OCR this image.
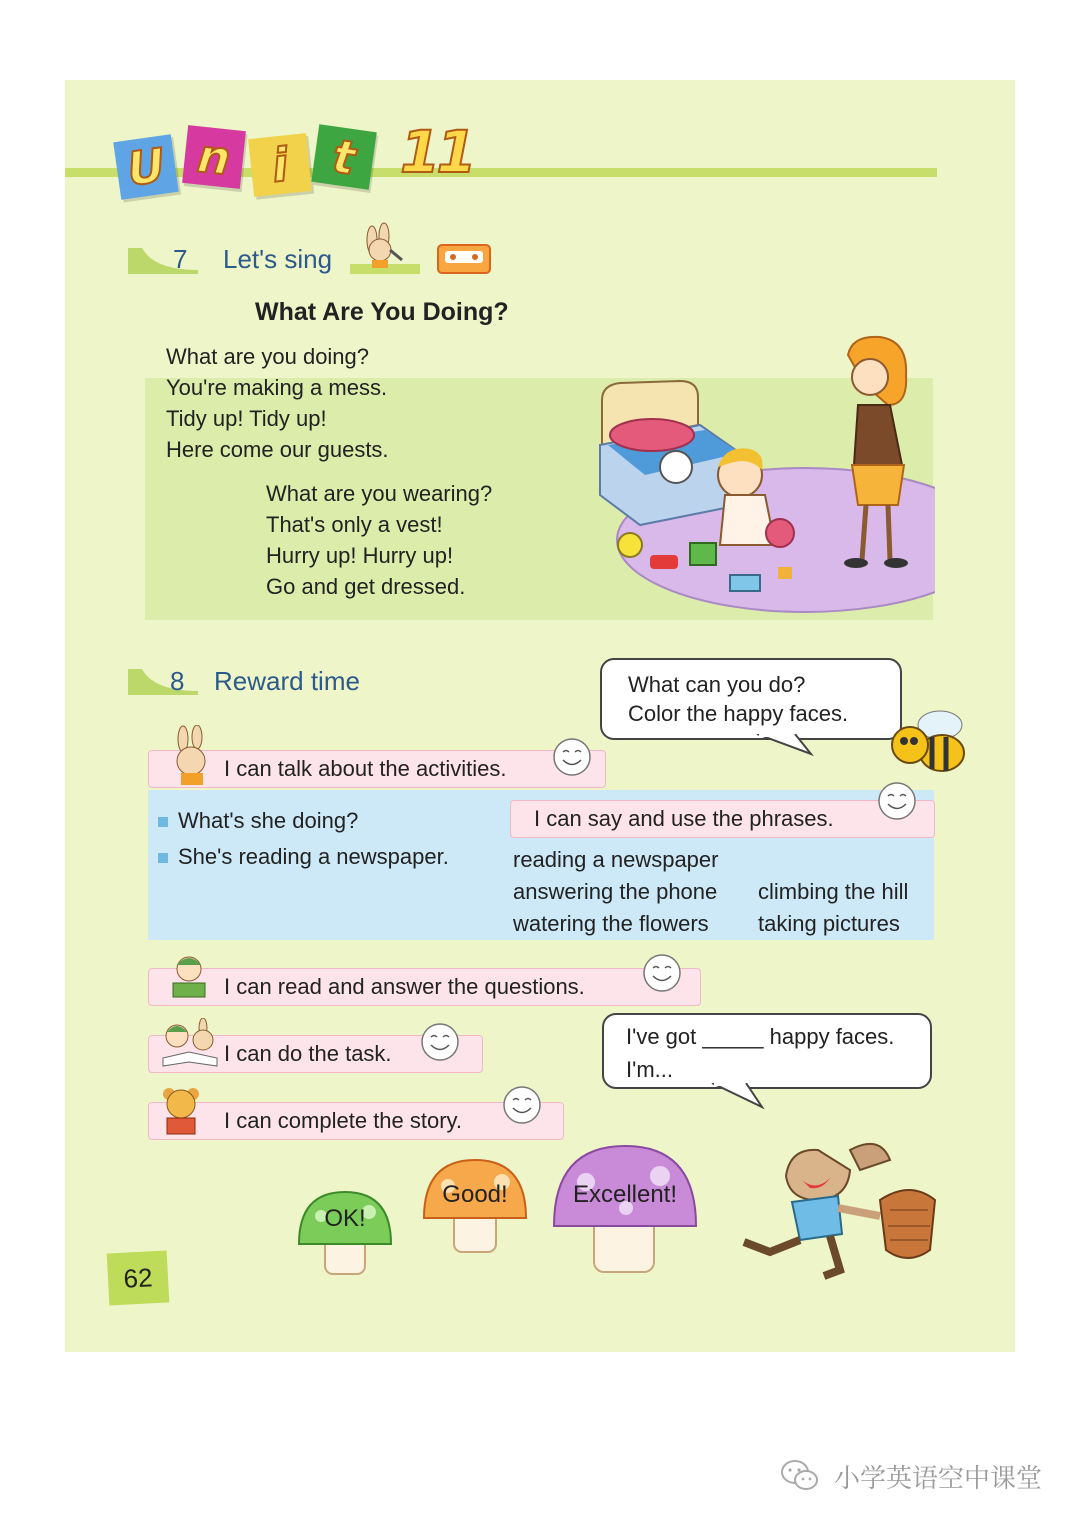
U n i t 11
7 Let's sing
What Are You Doing?
What are you doing?
You're making a mess.
Tidy up! Tidy up!
Here come our guests.
What are you wearing?
That's only a vest!
Hurry up! Hurry up!
Go and get dressed.
8 Reward time	What can you do?
Color the happy faces.
I can talk about the activities.
What's she doing?
She's reading a newspaper.
I can say and use the phrases.
reading a newspaper
answering the phone
watering the flowers
climbing the hill
taking pictures
I can read and answer the questions.
I can do the task.
I can complete the story.
I've got _____ happy faces.
I'm...
OK!
Good!	Excellent!
62
小学英语空中课堂
